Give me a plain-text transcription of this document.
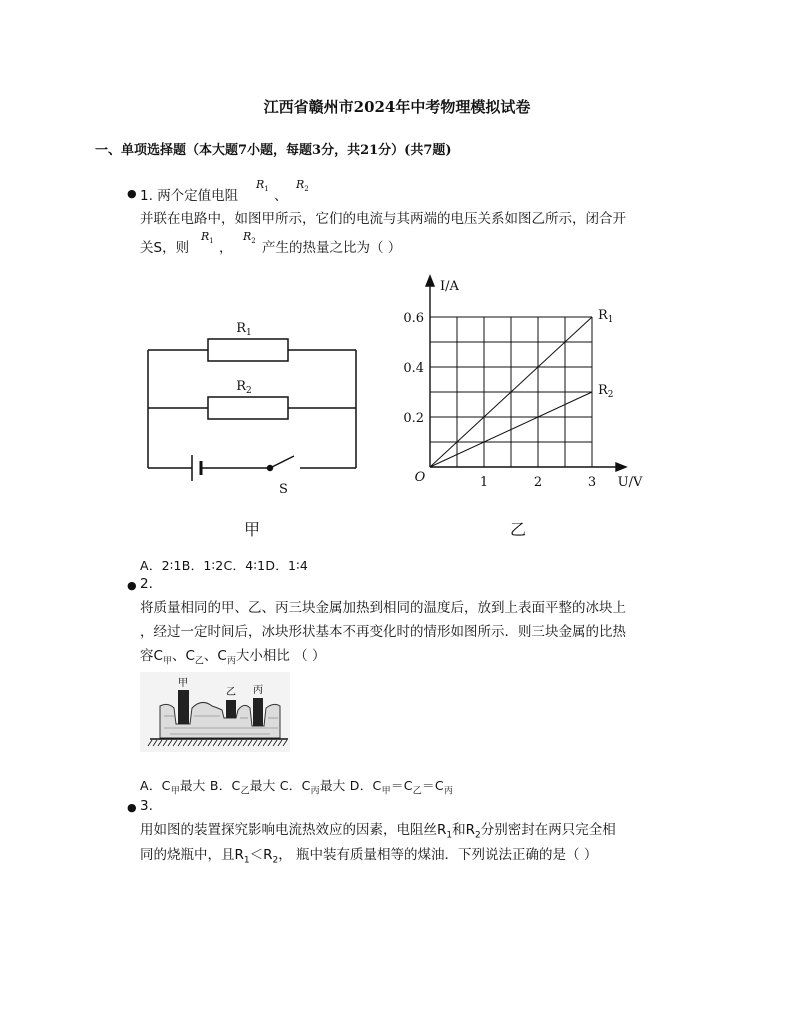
江西省赣州市2024年中考物理模拟试卷
一、单项选择题（本大题7小题，每题3分，共21分）(共7题)
● 1. 两个定值电阻
$R_1$ 、
$R_2$
并联在电路中，如图甲所示，它们的电流与其两端的电压关系如图乙所示，闭合开
关S，则
$R_1$ ，
$R_2$ 产生的热量之比为（ ）
$R_1$
$R_2$
S
甲
1	2	3
0.2
0.4
0.6
O	U/V
I/A
$R_1$
$R_2$
乙
A．2∶1B．1∶2C．4∶1D．1∶4
● 2.
将质量相同的甲、乙、丙三块金属加热到相同的温度后，放到上表面平整的冰块上
，经过一定时间后，冰块形状基本不再变化时的情形如图所示．则三块金属的比热
容$C_甲$、$C_乙$、$C_丙$大小相比 （ ）
甲
乙 丙
A．$C_甲$最大 B．$C_乙$最大 C．$C_丙$最大 D．$C_甲=C_乙=C_丙$
● 3.
用如图的装置探究影响电流热效应的因素，电阻丝$R_1$和$R_2$分别密封在两只完全相
同的烧瓶中，且$R_1<R_2$， 瓶中装有质量相等的煤油．下列说法正确的是（ ）
